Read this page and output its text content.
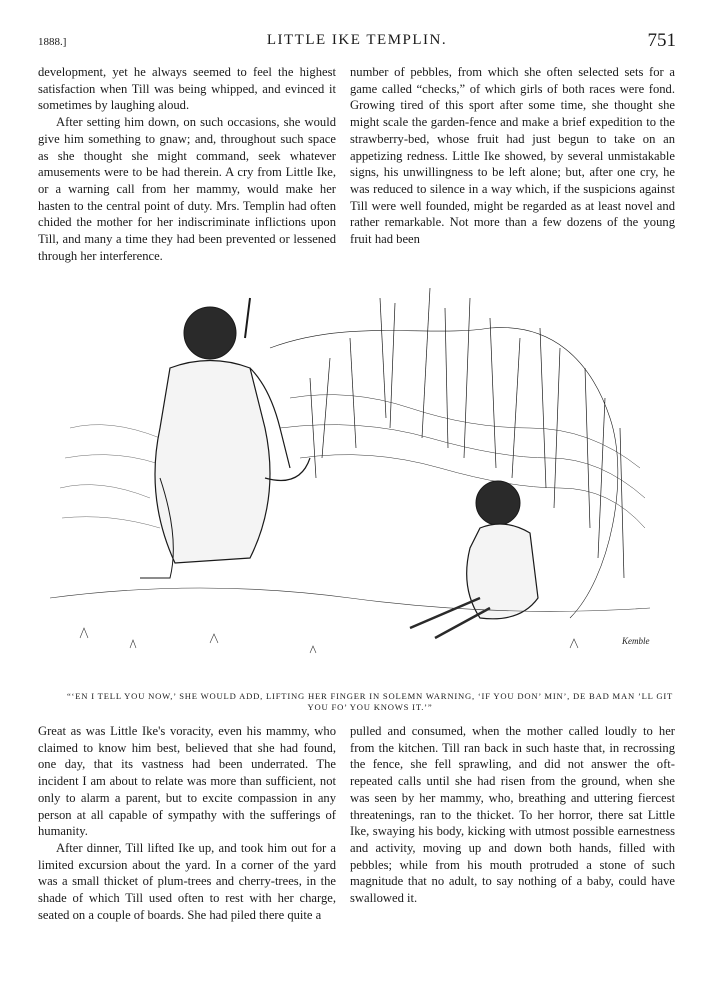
1888.]	LITTLE IKE TEMPLIN.	751

development, yet he always seemed to feel the highest satisfaction when Till was being whipped, and evinced it sometimes by laughing aloud.

After setting him down, on such occasions, she would give him something to gnaw; and, throughout such space as she thought she might command, seek whatever amusements were to be had therein. A cry from Little Ike, or a warning call from her mammy, would make her hasten to the central point of duty. Mrs. Templin had often chided the mother for her indiscriminate inflictions upon Till, and many a time they had been prevented or lessened through her interference.

number of pebbles, from which she often selected sets for a game called “checks,” of which girls of both races were fond. Growing tired of this sport after some time, she thought she might scale the garden-fence and make a brief expedition to the strawberry-bed, whose fruit had just begun to take on an appetizing redness. Little Ike showed, by several unmistakable signs, his unwillingness to be left alone; but, after one cry, he was reduced to silence in a way which, if the suspicions against Till were well founded, might be regarded as at least novel and rather remarkable. Not more than a few dozens of the young fruit had been

Kemble
“‘EN I TELL YOU NOW,’ SHE WOULD ADD, LIFTING HER FINGER IN SOLEMN WARNING, ‘IF YOU DON’ MIN’, DE BAD MAN ’LL GIT YOU FO’ YOU KNOWS IT.’”

Great as was Little Ike's voracity, even his mammy, who claimed to know him best, believed that she had found, one day, that its vastness had been underrated. The incident I am about to relate was more than sufficient, not only to alarm a parent, but to excite compassion in any person at all capable of sympathy with the sufferings of humanity.

After dinner, Till lifted Ike up, and took him out for a limited excursion about the yard. In a corner of the yard was a small thicket of plum-trees and cherry-trees, in the shade of which Till used often to rest with her charge, seated on a couple of boards. She had piled there quite a

pulled and consumed, when the mother called loudly to her from the kitchen. Till ran back in such haste that, in recrossing the fence, she fell sprawling, and did not answer the oft-repeated calls until she had risen from the ground, when she was seen by her mammy, who, breathing and uttering fiercest threatenings, ran to the thicket. To her horror, there sat Little Ike, swaying his body, kicking with utmost possible earnestness and activity, moving up and down both hands, filled with pebbles; while from his mouth protruded a stone of such magnitude that no adult, to say nothing of a baby, could have swallowed it.
